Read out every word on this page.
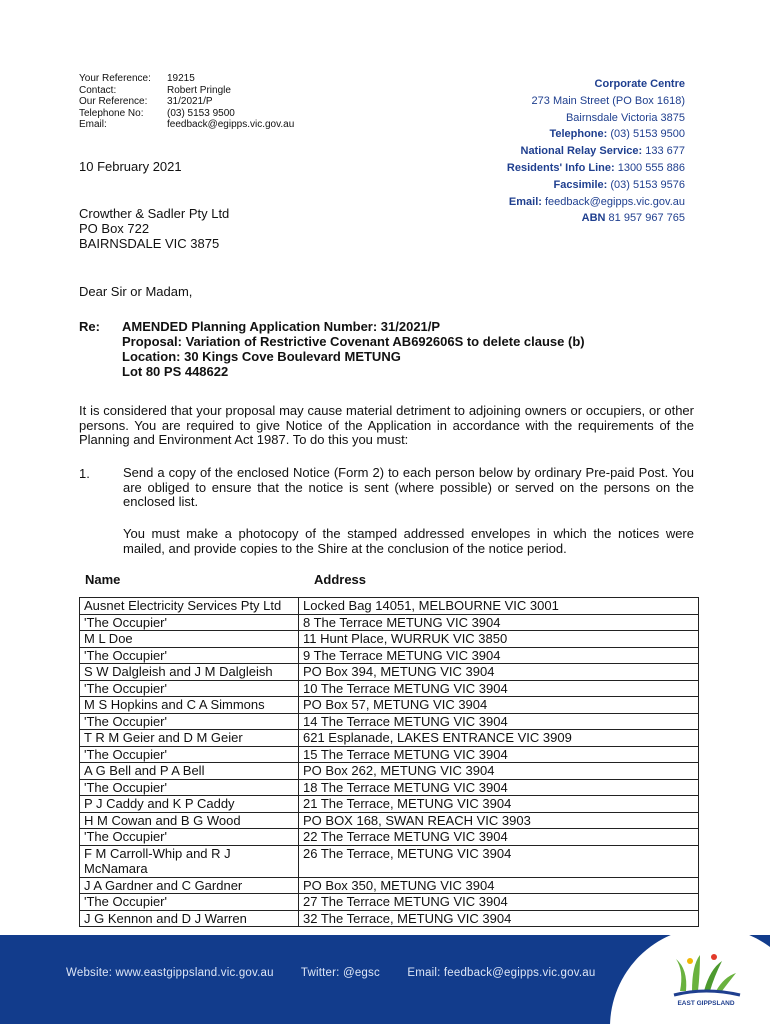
Your Reference:	19215
Contact:	Robert Pringle
Our Reference:	31/2021/P
Telephone No:	(03) 5153 9500
Email:	feedback@egipps.vic.gov.au
Corporate Centre
273 Main Street (PO Box 1618)
Bairnsdale Victoria 3875
Telephone: (03) 5153 9500
National Relay Service: 133 677
Residents' Info Line: 1300 555 886
Facsimile: (03) 5153 9576
Email: feedback@egipps.vic.gov.au
ABN 81 957 967 765
10 February 2021
Crowther & Sadler Pty Ltd
PO Box 722
BAIRNSDALE VIC 3875
Dear Sir or Madam,
Re: AMENDED Planning Application Number: 31/2021/P
Proposal: Variation of Restrictive Covenant AB692606S to delete clause (b)
Location: 30 Kings Cove Boulevard METUNG
Lot 80 PS 448622
It is considered that your proposal may cause material detriment to adjoining owners or occupiers, or other persons. You are required to give Notice of the Application in accordance with the requirements of the Planning and Environment Act 1987. To do this you must:
1.	Send a copy of the enclosed Notice (Form 2) to each person below by ordinary Pre-paid Post. You are obliged to ensure that the notice is sent (where possible) or served on the persons on the enclosed list.
You must make a photocopy of the stamped addressed envelopes in which the notices were mailed, and provide copies to the Shire at the conclusion of the notice period.
Name	Address
Ausnet Electricity Services Pty Ltd	Locked Bag 14051, MELBOURNE VIC 3001
'The Occupier'	8 The Terrace METUNG VIC 3904
M L Doe	11 Hunt Place, WURRUK VIC 3850
'The Occupier'	9 The Terrace METUNG VIC 3904
S W Dalgleish and J M Dalgleish	PO Box 394, METUNG VIC 3904
'The Occupier'	10 The Terrace METUNG VIC 3904
M S Hopkins and C A Simmons	PO Box 57, METUNG VIC 3904
'The Occupier'	14 The Terrace METUNG VIC 3904
T R M Geier and D M Geier	621 Esplanade, LAKES ENTRANCE VIC 3909
'The Occupier'	15 The Terrace METUNG VIC 3904
A G Bell and P A Bell	PO Box 262, METUNG VIC 3904
'The Occupier'	18 The Terrace METUNG VIC 3904
P J Caddy and K P Caddy	21 The Terrace, METUNG VIC 3904
H M Cowan and B G Wood	PO BOX 168, SWAN REACH VIC 3903
'The Occupier'	22 The Terrace METUNG VIC 3904
F M Carroll-Whip and R J McNamara	26 The Terrace, METUNG VIC 3904
J A Gardner and C Gardner	PO Box 350, METUNG VIC 3904
'The Occupier'	27 The Terrace METUNG VIC 3904
J G Kennon and D J Warren	32 The Terrace, METUNG VIC 3904
Website: www.eastgippsland.vic.gov.au Twitter: @egsc Email: feedback@egipps.vic.gov.au
EAST GIPPSLAND
